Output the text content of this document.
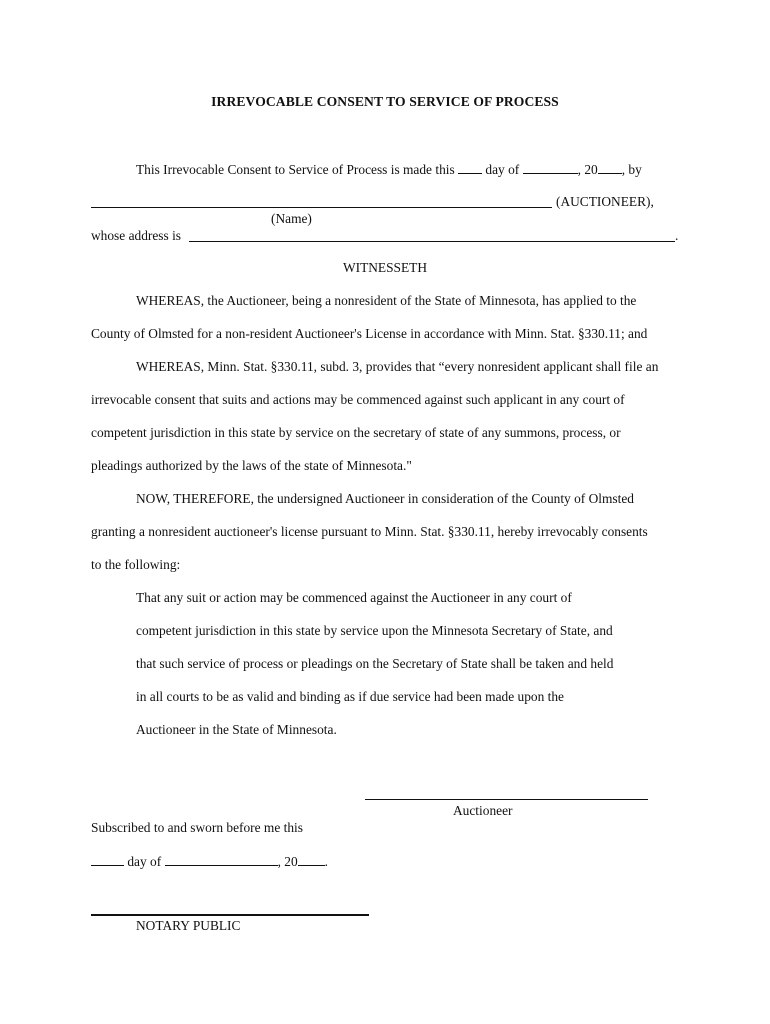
IRREVOCABLE CONSENT TO SERVICE OF PROCESS
This Irrevocable Consent to Service of Process is made this day of	, 20 , by
(AUCTIONEER),
(Name)
whose address is	.
WITNESSETH
WHEREAS, the Auctioneer, being a nonresident of the State of Minnesota, has applied to the
County of Olmsted for a non-resident Auctioneer's License in accordance with Minn. Stat. §330.11; and
WHEREAS, Minn. Stat. §330.11, subd. 3, provides that “every nonresident applicant shall file an
irrevocable consent that suits and actions may be commenced against such applicant in any court of
competent jurisdiction in this state by service on the secretary of state of any summons, process, or
pleadings authorized by the laws of the state of Minnesota."
NOW, THEREFORE, the undersigned Auctioneer in consideration of the County of Olmsted
granting a nonresident auctioneer's license pursuant to Minn. Stat. §330.11, hereby irrevocably consents
to the following:
That any suit or action may be commenced against the Auctioneer in any court of
competent jurisdiction in this state by service upon the Minnesota Secretary of State, and
that such service of process or pleadings on the Secretary of State shall be taken and held
in all courts to be as valid and binding as if due service had been made upon the
Auctioneer in the State of Minnesota.
Auctioneer
Subscribed to and sworn before me this
day of	, 20 .
NOTARY PUBLIC
